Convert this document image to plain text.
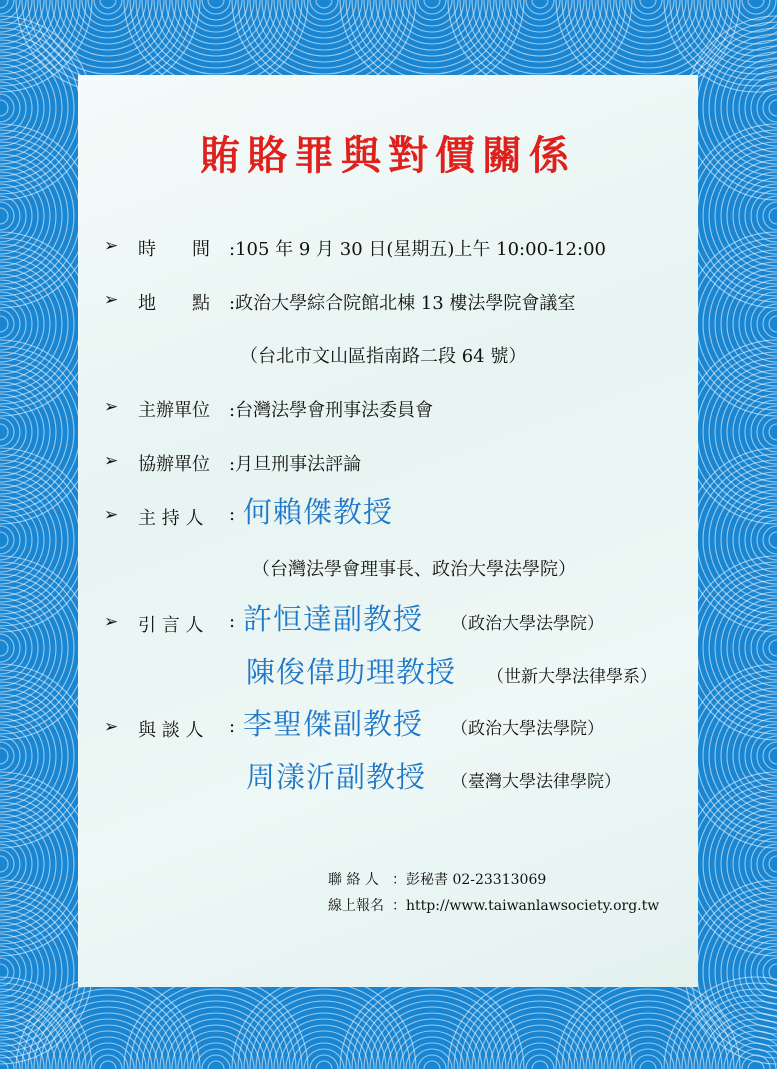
賄賂罪與對價關係
➢ 時　　間 :105 年 9 月 30 日(星期五)上午 10:00-12:00
➢ 地　　點 :政治大學綜合院館北棟 13 樓法學院會議室
（台北市文山區指南路二段 64 號）
➢ 主辦單位 :台灣法學會刑事法委員會
➢ 協辦單位 :月旦刑事法評論
➢ 主 持 人 : 何賴傑教授
（台灣法學會理事長、政治大學法學院）
➢ 引 言 人 : 許恒達副教授 （政治大學法學院）
陳俊偉助理教授 （世新大學法律學系）
➢ 與 談 人 : 李聖傑副教授 （政治大學法學院）
周漾沂副教授 （臺灣大學法律學院）
聯 絡 人 ：彭秘書 02-23313069
線上報名 ：http://www.taiwanlawsociety.org.tw
